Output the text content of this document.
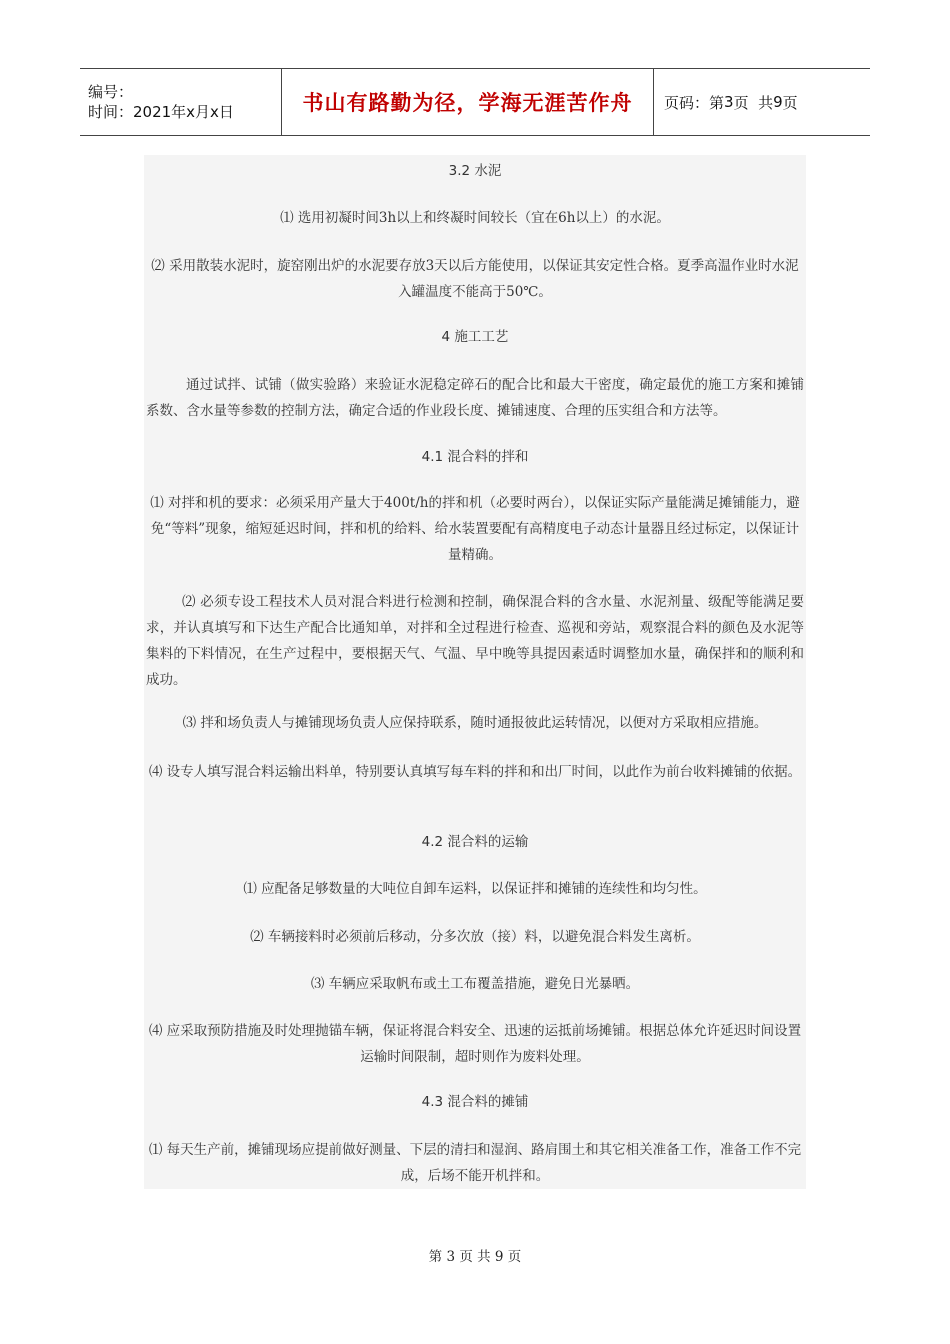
编号：
时间：2021年x月x日	书山有路勤为径，学海无涯苦作舟 页码：第 3 页  共 9 页
3.2 水泥
⑴ 选用初凝时间3h以上和终凝时间较长（宜在6h以上）的水泥。
⑵ 采用散装水泥时，旋窑刚出炉的水泥要存放3天以后方能使用，以保证其安定性合格。夏季高温作业时水泥入罐温度不能高于50℃。
4 施工工艺
通过试拌、试铺（做实验路）来验证水泥稳定碎石的配合比和最大干密度，确定最优的施工方案和摊铺系数、含水量等参数的控制方法，确定合适的作业段长度、摊铺速度、合理的压实组合和方法等。
4.1 混合料的拌和
⑴ 对拌和机的要求：必须采用产量大于400t/h的拌和机（必要时两台），以保证实际产量能满足摊铺能力，避免“等料”现象，缩短延迟时间，拌和机的给料、给水装置要配有高精度电子动态计量器且经过标定，以保证计量精确。
⑵ 必须专设工程技术人员对混合料进行检测和控制，确保混合料的含水量、水泥剂量、级配等能满足要求，并认真填写和下达生产配合比通知单，对拌和全过程进行检查、巡视和旁站，观察混合料的颜色及水泥等集料的下料情况，在生产过程中，要根据天气、气温、早中晚等具提因素适时调整加水量，确保拌和的顺利和成功。
⑶ 拌和场负责人与摊铺现场负责人应保持联系，随时通报彼此运转情况，以便对方采取相应措施。
⑷ 设专人填写混合料运输出料单，特别要认真填写每车料的拌和和出厂时间，以此作为前台收料摊铺的依据。
4.2 混合料的运输
⑴ 应配备足够数量的大吨位自卸车运料，以保证拌和摊铺的连续性和均匀性。
⑵ 车辆接料时必须前后移动，分多次放（接）料，以避免混合料发生离析。
⑶ 车辆应采取帆布或土工布覆盖措施，避免日光暴晒。
⑷ 应采取预防措施及时处理抛锚车辆，保证将混合料安全、迅速的运抵前场摊铺。根据总体允许延迟时间设置运输时间限制，超时则作为废料处理。
4.3 混合料的摊铺
⑴ 每天生产前，摊铺现场应提前做好测量、下层的清扫和湿润、路肩围土和其它相关准备工作，准备工作不完成，后场不能开机拌和。
第 3 页 共 9 页
